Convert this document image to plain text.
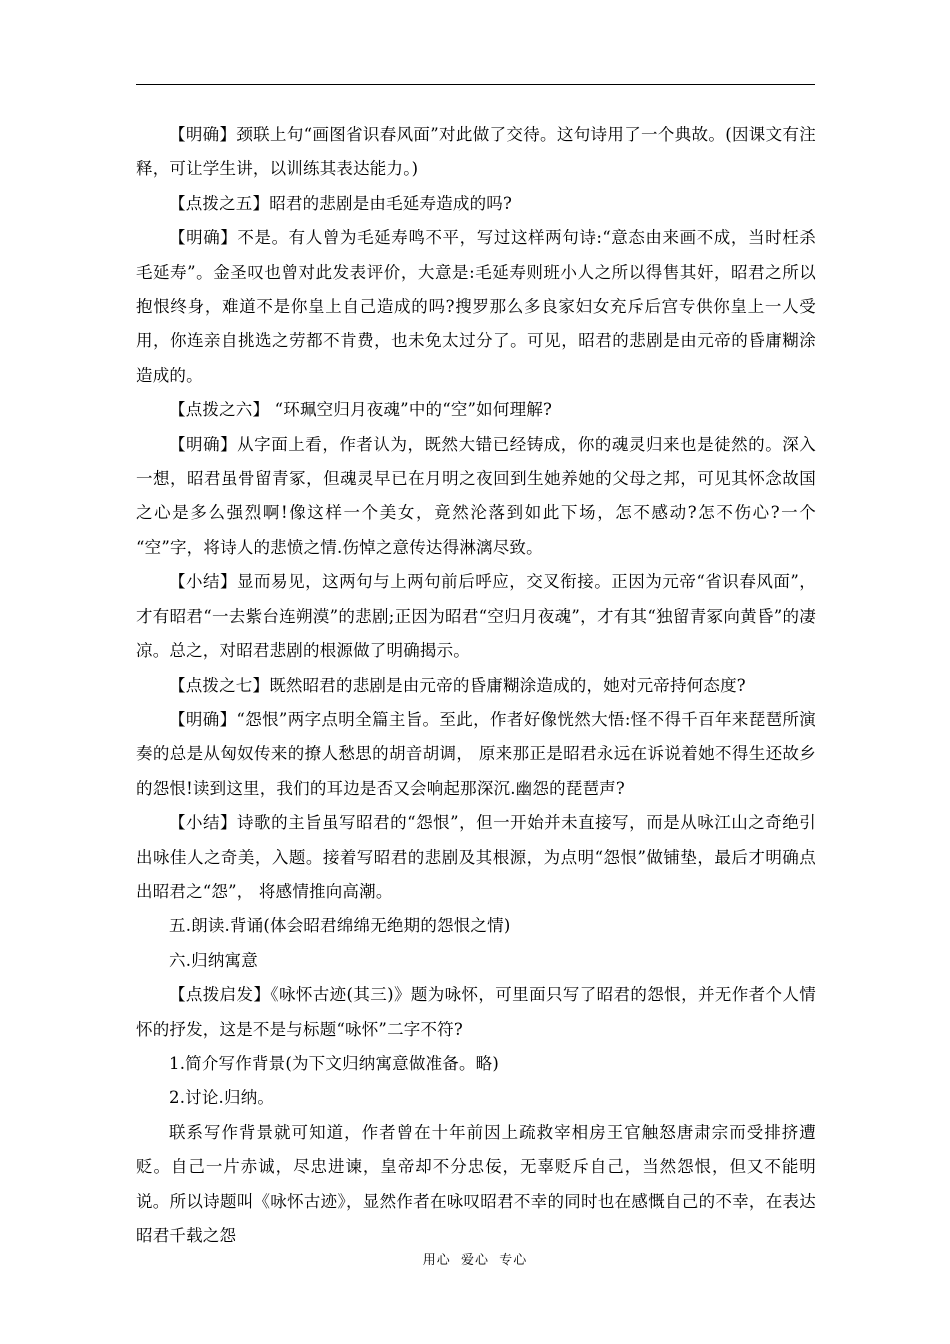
【明确】颈联上句“画图省识春风面”对此做了交待。这句诗用了一个典故。(因课文有注释，可让学生讲，以训练其表达能力。)

【点拨之五】昭君的悲剧是由毛延寿造成的吗?

【明确】不是。有人曾为毛延寿鸣不平，写过这样两句诗:“意态由来画不成，当时枉杀毛延寿”。金圣叹也曾对此发表评价，大意是:毛延寿则班小人之所以得售其奸，昭君之所以抱恨终身，难道不是你皇上自己造成的吗?搜罗那么多良家妇女充斥后宫专供你皇上一人受用，你连亲自挑选之劳都不肯费，也未免太过分了。可见，昭君的悲剧是由元帝的昏庸糊涂造成的。

【点拨之六】 “环珮空归月夜魂”中的“空”如何理解?

【明确】从字面上看，作者认为，既然大错已经铸成，你的魂灵归来也是徒然的。深入一想，昭君虽骨留青冢，但魂灵早已在月明之夜回到生她养她的父母之邦，可见其怀念故国之心是多么强烈啊!像这样一个美女，竟然沦落到如此下场，怎不感动?怎不伤心?一个 “空”字，将诗人的悲愤之情.伤悼之意传达得淋漓尽致。

【小结】显而易见，这两句与上两句前后呼应，交叉衔接。正因为元帝“省识春风面”，才有昭君“一去紫台连朔漠”的悲剧;正因为昭君“空归月夜魂”，才有其“独留青冢向黄昏”的凄凉。总之，对昭君悲剧的根源做了明确揭示。

【点拨之七】既然昭君的悲剧是由元帝的昏庸糊涂造成的，她对元帝持何态度?

【明确】“怨恨”两字点明全篇主旨。至此，作者好像恍然大悟:怪不得千百年来琵琶所演奏的总是从匈奴传来的撩人愁思的胡音胡调， 原来那正是昭君永远在诉说着她不得生还故乡的怨恨!读到这里，我们的耳边是否又会响起那深沉.幽怨的琵琶声?

【小结】诗歌的主旨虽写昭君的“怨恨”，但一开始并未直接写，而是从咏江山之奇绝引出咏佳人之奇美，入题。接着写昭君的悲剧及其根源，为点明“怨恨”做铺垫，最后才明确点出昭君之“怨”， 将感情推向高潮。

五.朗读.背诵(体会昭君绵绵无绝期的怨恨之情)

六.归纳寓意

【点拨启发】《咏怀古迹(其三)》题为咏怀，可里面只写了昭君的怨恨，并无作者个人情怀的抒发，这是不是与标题“咏怀”二字不符?

1.简介写作背景(为下文归纳寓意做准备。略)

2.讨论.归纳。

联系写作背景就可知道，作者曾在十年前因上疏救宰相房王官触怒唐肃宗而受排挤遭贬。自己一片赤诚，尽忠进谏，皇帝却不分忠佞，无辜贬斥自己，当然怨恨，但又不能明说。所以诗题叫《咏怀古迹》，显然作者在咏叹昭君不幸的同时也在感慨自己的不幸，在表达昭君千载之怨

用心  爱心  专心
